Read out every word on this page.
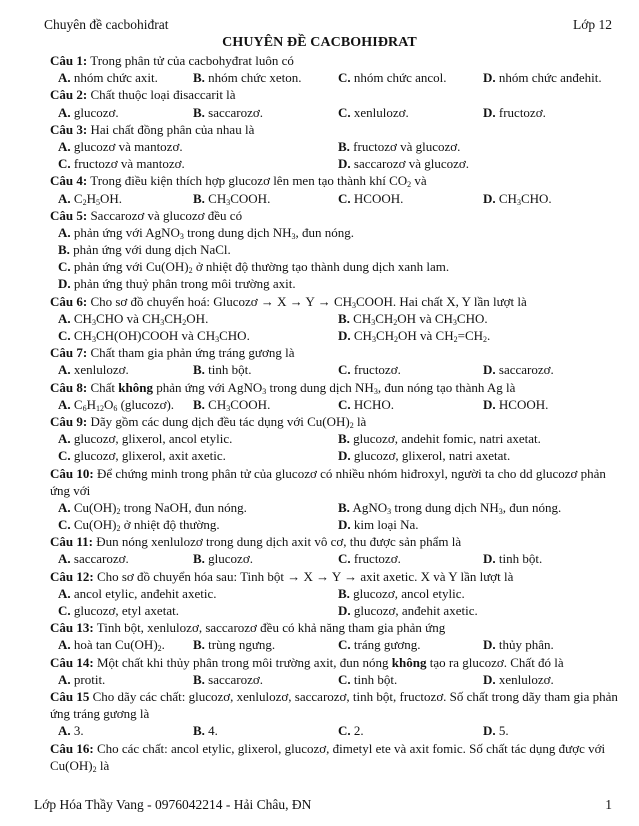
Chuyên đề cacbohiđrat	Lớp 12
CHUYÊN ĐỀ CACBOHIĐRAT
Câu 1: Trong phân tử của cacbohyđrat luôn có
A. nhóm chức axit.	B. nhóm chức xeton.	C. nhóm chức ancol.	D. nhóm chức anđehit.
Câu 2: Chất thuộc loại đisaccarit là
A. glucozơ.	B. saccarozơ.	C. xenlulozơ.	D. fructozơ.
Câu 3: Hai chất đồng phân của nhau là
A. glucozơ và mantozơ.	B. fructozơ và glucozơ.
C. fructozơ và mantozơ.	D. saccarozơ và glucozơ.
Câu 4: Trong điều kiện thích hợp glucozơ lên men tạo thành khí $CO_2$ và
A. $C_2H_5OH$.	B. $CH_3COOH$.	C. HCOOH.	D. $CH_3CHO$.
Câu 5: Saccarozơ và glucozơ đều có
A. phản ứng với AgNO$_3$ trong dung dịch $NH_3$, đun nóng.
B. phản ứng với dung dịch NaCl.
C. phản ứng với $Cu(OH)_2$ ở nhiệt độ thường tạo thành dung dịch xanh lam.
D. phản ứng thuỷ phân trong môi trường axit.
Câu 6: Cho sơ đồ chuyển hoá: Glucozơ → $X \to Y \to CH_3COOH$. Hai chất X, Y lần lượt là
A. $CH_3CHO$ và $CH_3CH_2OH$.	B. $CH_3CH_2OH$ và $CH_3CHO$.
C. $CH_3CH(OH)COOH$ và $CH_3CHO$.	D. $CH_3CH_2OH$ và $CH_2=CH_2$.
Câu 7: Chất tham gia phản ứng tráng gương là
A. xenlulozơ.	B. tinh bột.	C. fructozơ.	D. saccarozơ.
Câu 8: Chất không phản ứng với AgNO$_3$ trong dung dịch $NH_3$, đun nóng tạo thành Ag là
A. $C_6H_{12}O_6$ (glucozơ). B. $CH_3COOH$.	C. HCHO.	D. HCOOH.
Câu 9: Dãy gồm các dung dịch đều tác dụng với $Cu(OH)_2$ là
A. glucozơ, glixerol, ancol etylic.	B. glucozơ, andehit fomic, natri axetat.
C. glucozơ, glixerol, axit axetic.	D. glucozơ, glixerol, natri axetat.
Câu 10: Để chứng minh trong phân tử của glucozơ có nhiều nhóm hiđroxyl, người ta cho dd glucozơ phản ứng với
A. $Cu(OH)_2$ trong NaOH, đun nóng.	B. AgNO$_3$ trong dung dịch $NH_3$, đun nóng.
C. $Cu(OH)_2$ ở nhiệt độ thường.	D. kim loại Na.
Câu 11: Đun nóng xenlulozơ trong dung dịch axit vô cơ, thu được sản phẩm là
A. saccarozơ.	B. glucozơ.	C. fructozơ.	D. tinh bột.
Câu 12: Cho sơ đồ chuyển hóa sau: Tinh bột → X → Y → axit axetic. X và Y lần lượt là
A. ancol etylic, anđehit axetic.	B. glucozơ, ancol etylic.
C. glucozơ, etyl axetat.	D. glucozơ, anđehit axetic.
Câu 13: Tinh bột, xenlulozơ, saccarozơ đều có khả năng tham gia phản ứng
A. hoà $\tan Cu(OH)_2$. B. trùng ngưng.	C. tráng gương.	D. thủy phân.
Câu 14: Một chất khi thủy phân trong môi trường axit, đun nóng không tạo ra glucozơ. Chất đó là
A. protit.	B. saccarozơ.	C. tinh bột.	D. xenlulozơ.
Câu 15 Cho dãy các chất: glucozơ, xenlulozơ, saccarozơ, tinh bột, fructozơ. Số chất trong dãy tham gia phản ứng tráng gương là
A. 3.	B. 4.	C. 2.	D. 5.
Câu 16: Cho các chất: ancol etylic, glixerol, glucozơ, đimetyl ete và axit fomic. Số chất tác dụng được với $Cu(OH)_2$ là
Lớp Hóa Thầy Vang - 0976042214 - Hải Châu, ĐN	1
